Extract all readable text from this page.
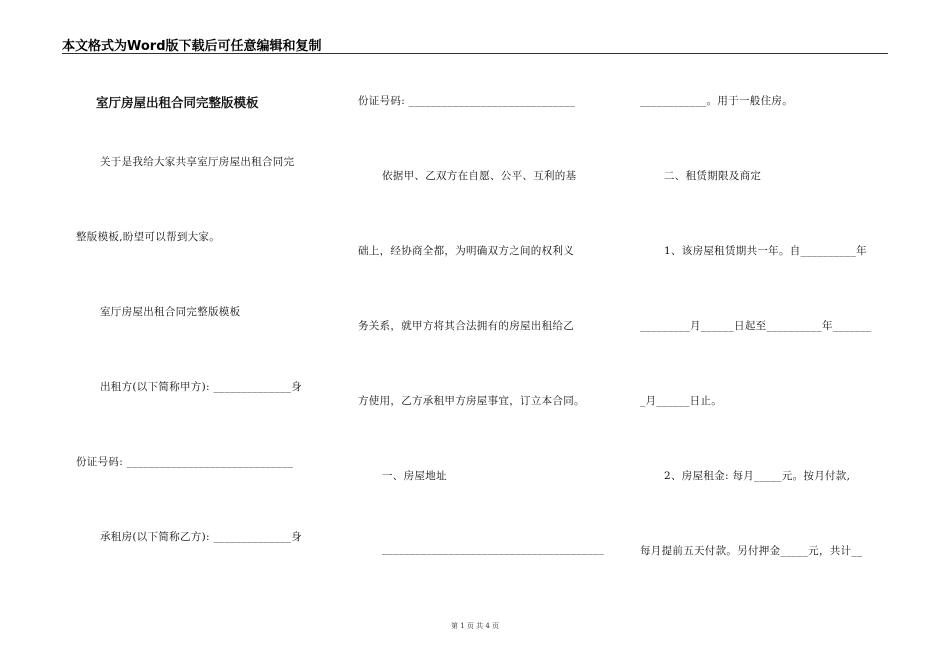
本文格式为Word版下载后可任意编辑和复制
室厅房屋出租合同完整版模板
关于是我给大家共享室厅房屋出租合同完
整版模板,盼望可以帮到大家。
室厅房屋出租合同完整版模板
出租方(以下简称甲方): ______________身
份证号码: ______________________________
承租房(以下简称乙方): ______________身
份证号码: ______________________________
依据甲、乙双方在自愿、公平、互利的基
础上，经协商全都，为明确双方之间的权利义
务关系，就甲方将其合法拥有的房屋出租给乙
方使用，乙方承租甲方房屋事宜，订立本合同。
一、房屋地址
________________________________________
____________。用于一般住房。
二、租赁期限及商定
1、该房屋租赁期共一年。自__________年
_________月______日起至__________年_______
_月______日止。
2、房屋租金: 每月_____元。按月付款,
每月提前五天付款。另付押金_____元，共计__
第 1 页 共 4 页
